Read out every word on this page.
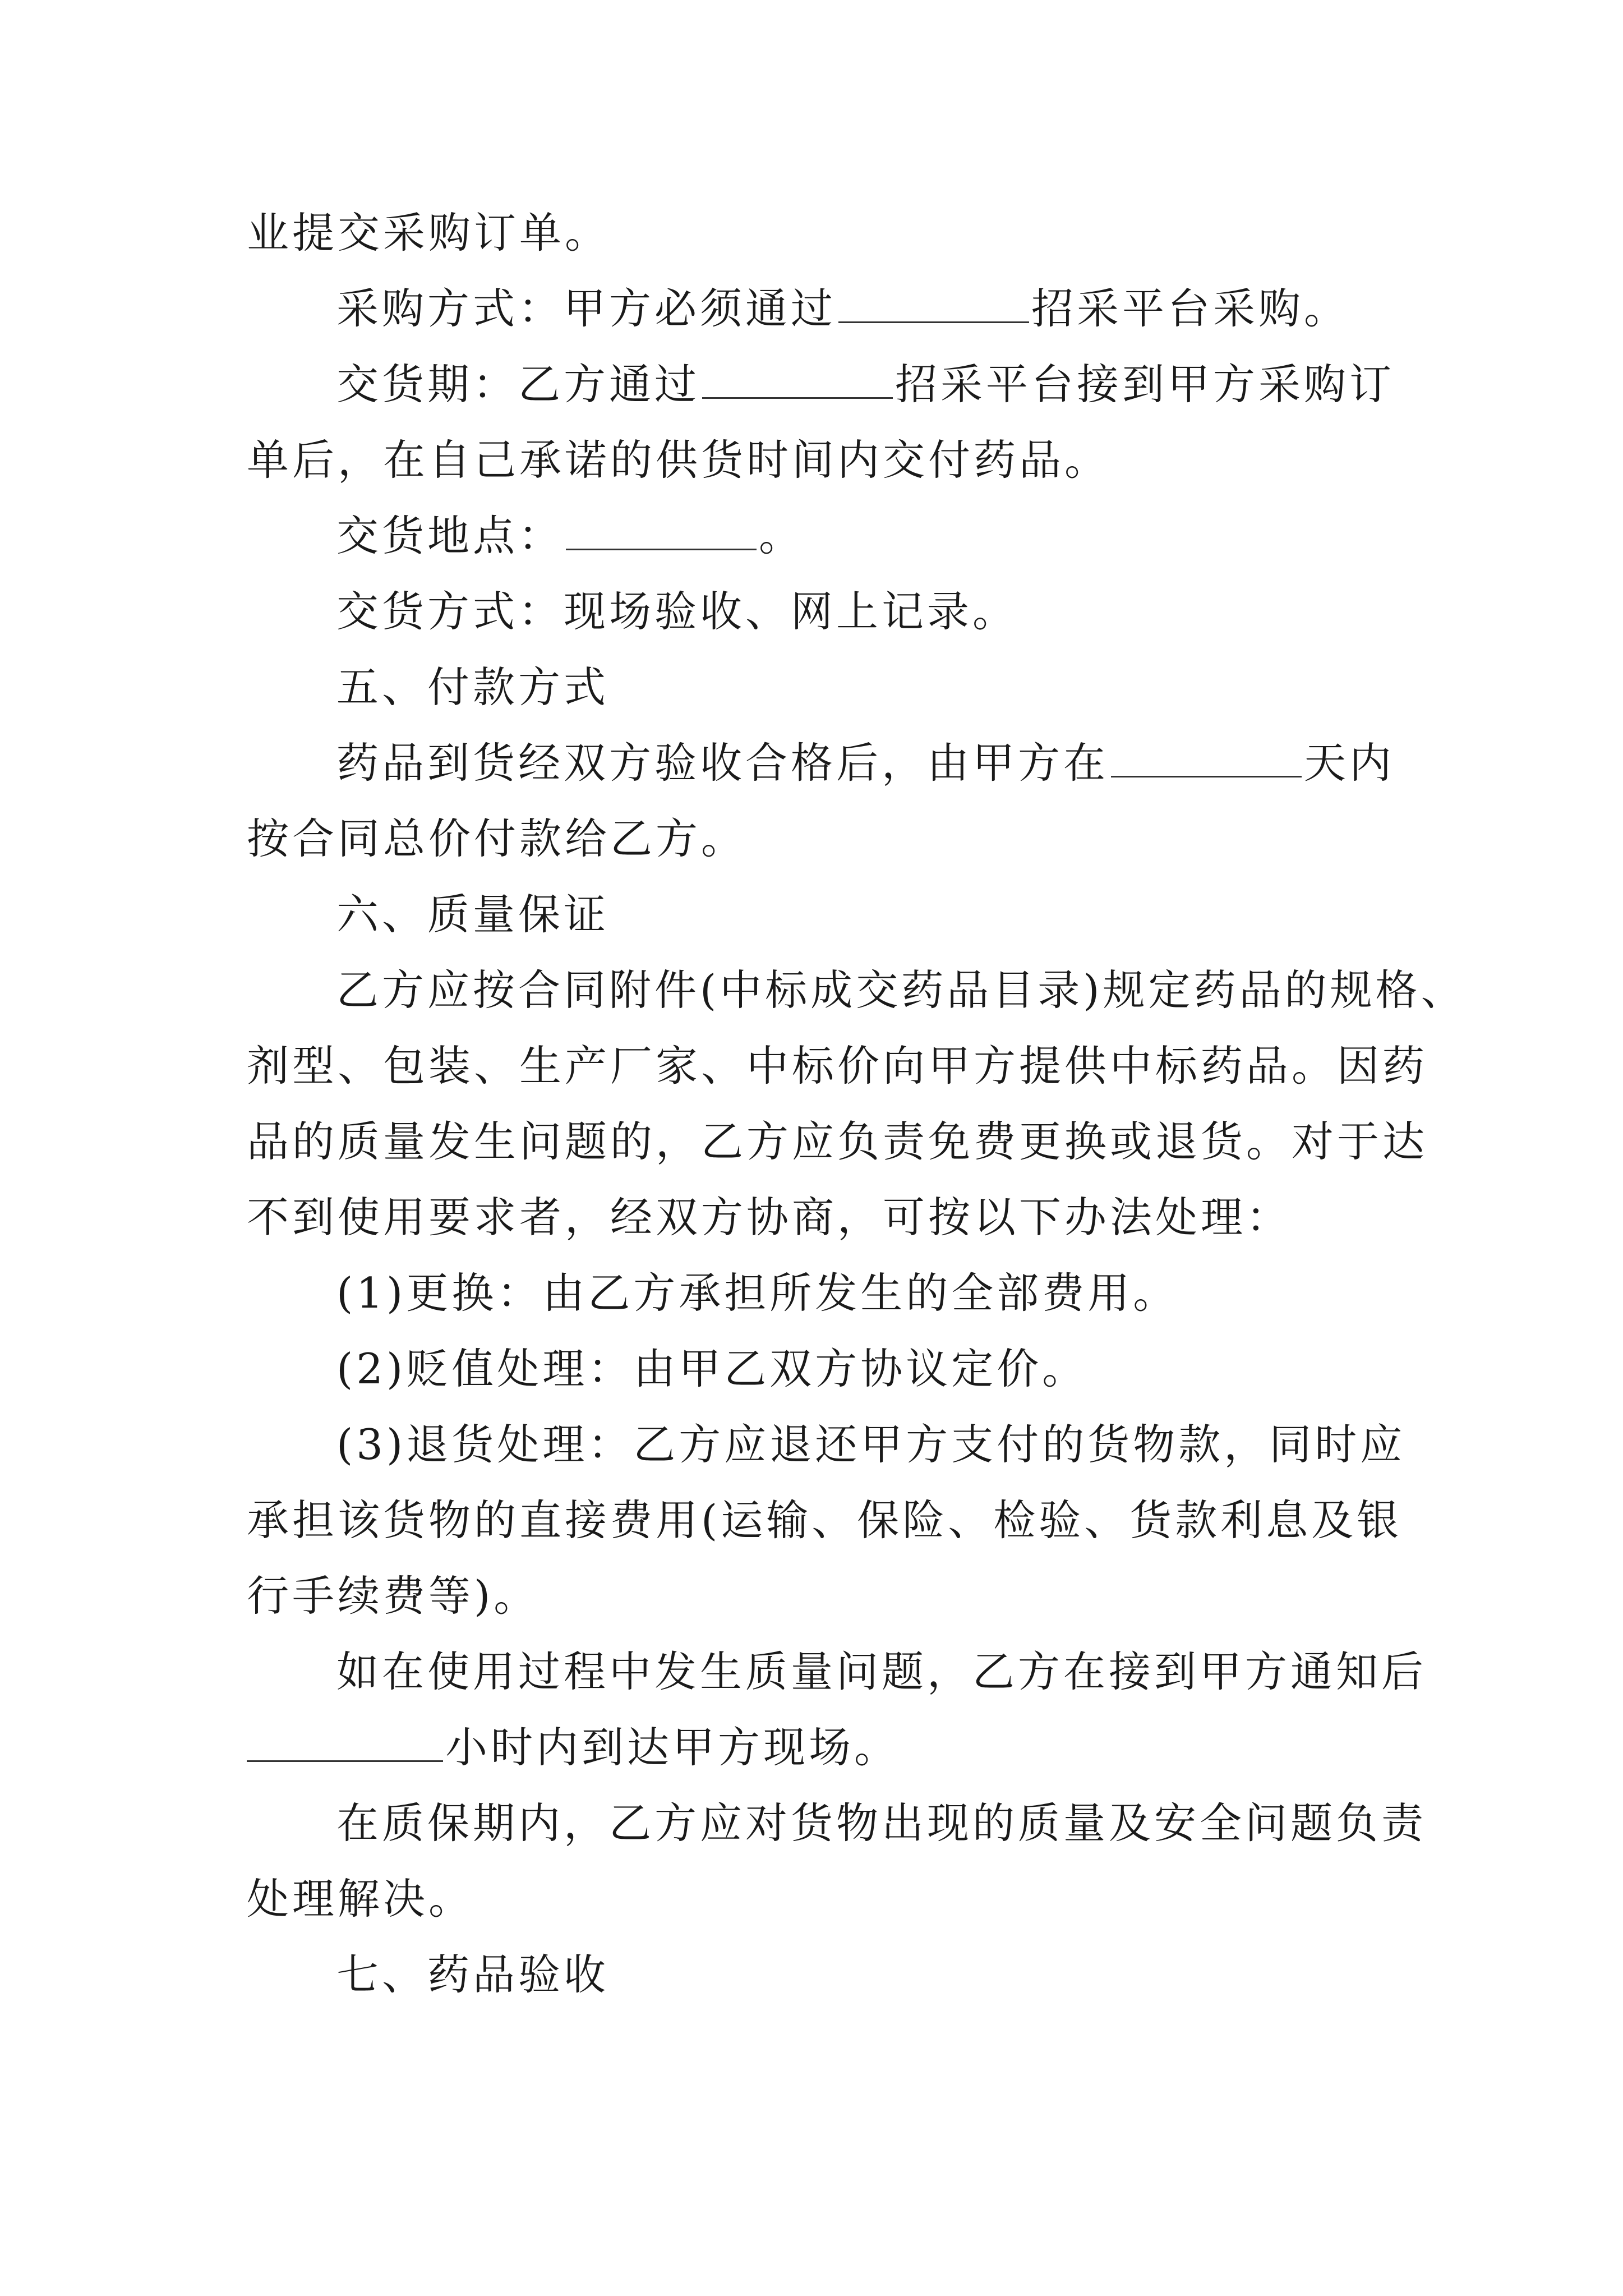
业提交采购订单。
采购方式：甲方必须通过	招采平台采购。
交货期：乙方通过	招采平台接到甲方采购订
单后，在自己承诺的供货时间内交付药品。
交货地点：	。
交货方式：现场验收、网上记录。
五、付款方式
药品到货经双方验收合格后，由甲方在	天内
按合同总价付款给乙方。
六、质量保证
乙方应按合同附件(中标成交药品目录)规定药品的规格、
剂型、包装、生产厂家、中标价向甲方提供中标药品。因药
品的质量发生问题的，乙方应负责免费更换或退货。对于达
不到使用要求者，经双方协商，可按以下办法处理：
(1)更换：由乙方承担所发生的全部费用。
(2)贬值处理：由甲乙双方协议定价。
(3)退货处理：乙方应退还甲方支付的货物款，同时应
承担该货物的直接费用(运输、保险、检验、货款利息及银
行手续费等)。
如在使用过程中发生质量问题，乙方在接到甲方通知后
小时内到达甲方现场。
在质保期内，乙方应对货物出现的质量及安全问题负责
处理解决。
七、药品验收
